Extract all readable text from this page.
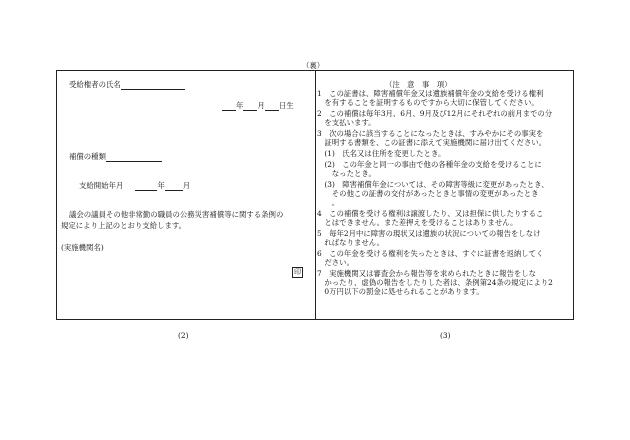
（裏）
受給権者の氏名
年 月 日生
補償の種類
支給開始年月	年 月
議会の議員その他非常勤の職員の公務災害補償等に関する条例の
規定により上記のとおり支給します。
(実施機関名)
印
（注　意　事　項）
1　この証書は、障害補償年金又は遺族補償年金の支給を受ける権利
　を有することを証明するものですから大切に保管してください。
2　この補償は毎年3月、6月、9月及び12月にそれぞれの前月までの分
　を支払います。
3　次の場合に該当することになったときは、すみやかにその事実を
　証明する書類を、この証書に添えて実施機関に届け出てください。
　(1)　氏名又は住所を変更したとき。
　(2)　この年金と同一の事由で他の各種年金の支給を受けることに
　　なったとき。
　(3)　障害補償年金については、その障害等級に変更があったとき、
　　その他この証書の交付があったときと事情の変更があったとき
　　。
4　この補償を受ける権利は譲渡したり、又は担保に供したりするこ
　とはできません。また差押えを受けることはありません。
5　毎年2月中に障害の現状又は遺族の状況についての報告をしなけ
　ればなりません。
6　この年金を受ける権利を失ったときは、すぐに証書を返納してく
　ださい。
7　実施機関又は審査会から報告等を求められたときに報告をしな
　かったり、虚偽の報告をしたりした者は、条例第24条の規定により2
　0万円以下の罰金に処せられることがあります。
(2)	(3)
